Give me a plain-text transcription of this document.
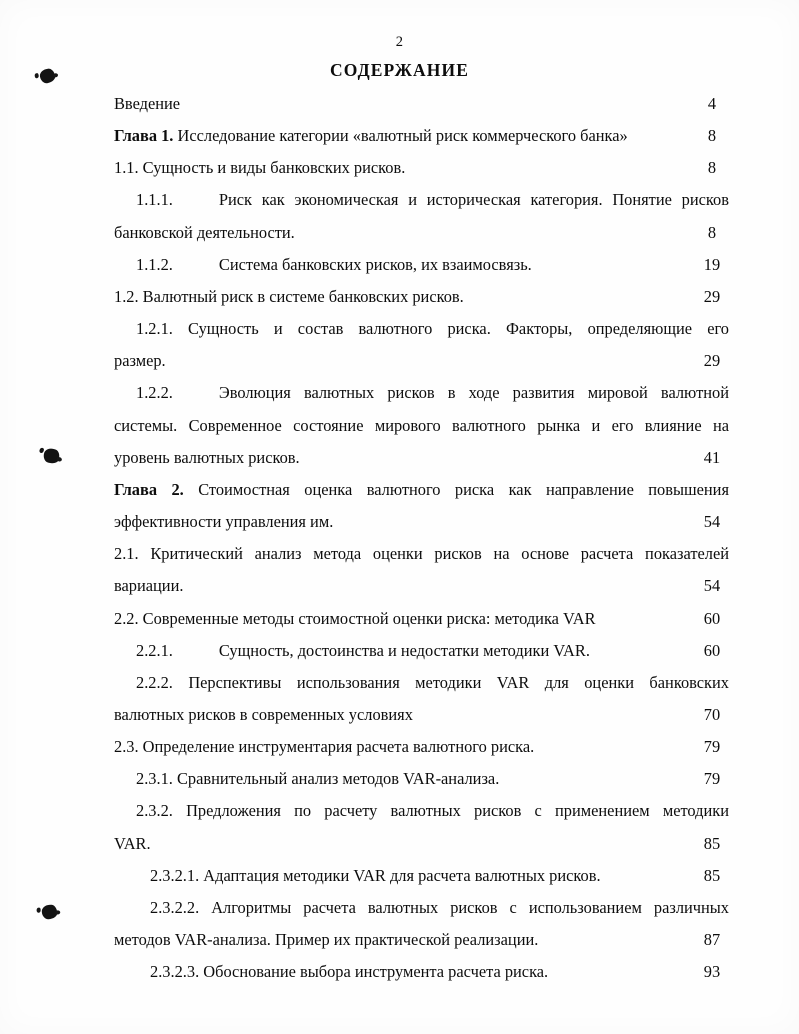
2
СОДЕРЖАНИЕ
Введение	4
Глава 1. Исследование категории «валютный риск коммерческого банка»	8
1.1. Сущность и виды банковских рисков.	8
1.1.1.	Риск как экономическая и историческая категория. Понятие рисков
банковской деятельности.	8
1.1.2.	Система банковских рисков, их взаимосвязь.	19
1.2. Валютный риск в системе банковских рисков.	29
1.2.1. Сущность и состав валютного риска. Факторы, определяющие его
размер.	29
1.2.2.	Эволюция валютных рисков в ходе развития мировой валютной
системы. Современное состояние мирового валютного рынка и его влияние на
уровень валютных рисков.	41
Глава 2. Стоимостная оценка валютного риска как направление повышения
эффективности управления им.	54
2.1. Критический анализ метода оценки рисков на основе расчета показателей
вариации.	54
2.2. Современные методы стоимостной оценки риска: методика VAR	60
2.2.1.	Сущность, достоинства и недостатки методики VAR.	60
2.2.2. Перспективы использования методики VAR для оценки банковских
валютных рисков в современных условиях	70
2.3. Определение инструментария расчета валютного риска.	79
2.3.1. Сравнительный анализ методов VAR-анализа.	79
2.3.2. Предложения по расчету валютных рисков с применением методики
VAR.	85
2.3.2.1. Адаптация методики VAR для расчета валютных рисков.	85
2.3.2.2. Алгоритмы расчета валютных рисков с использованием различных
методов VAR-анализа. Пример их практической реализации.	87
2.3.2.3. Обоснование выбора инструмента расчета риска.	93
